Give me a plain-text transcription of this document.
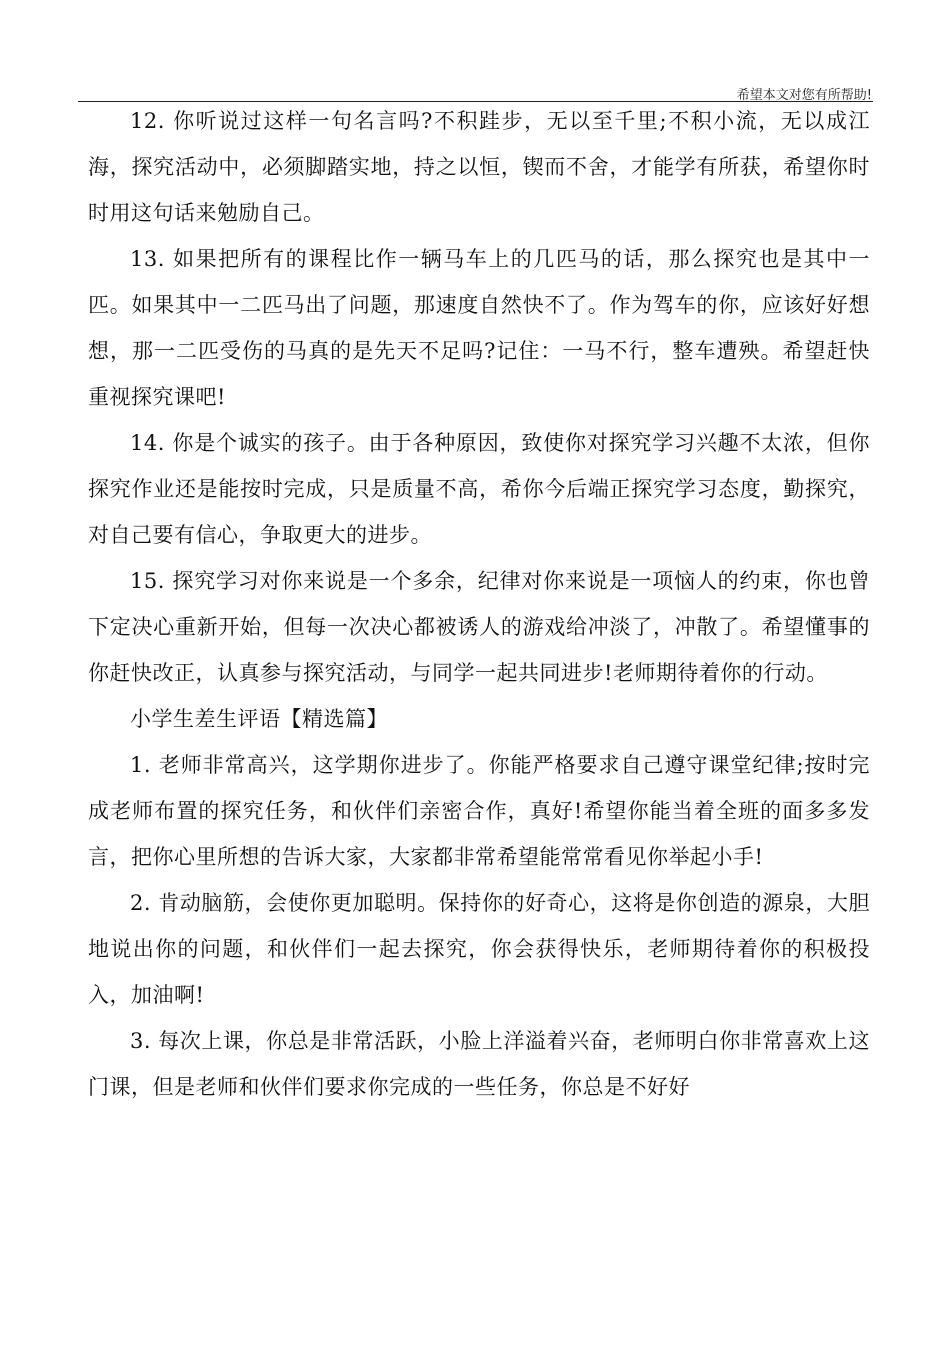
希望本文对您有所帮助!

12. 你听说过这样一句名言吗?不积跬步，无以至千里;不积小流，无以成江海，探究活动中，必须脚踏实地，持之以恒，锲而不舍，才能学有所获，希望你时时用这句话来勉励自己。

13. 如果把所有的课程比作一辆马车上的几匹马的话，那么探究也是其中一匹。如果其中一二匹马出了问题，那速度自然快不了。作为驾车的你，应该好好想想，那一二匹受伤的马真的是先天不足吗?记住：一马不行，整车遭殃。希望赶快重视探究课吧!

14. 你是个诚实的孩子。由于各种原因，致使你对探究学习兴趣不太浓，但你探究作业还是能按时完成，只是质量不高，希你今后端正探究学习态度，勤探究，对自己要有信心，争取更大的进步。

15. 探究学习对你来说是一个多余，纪律对你来说是一项恼人的约束，你也曾下定决心重新开始，但每一次决心都被诱人的游戏给冲淡了，冲散了。希望懂事的你赶快改正，认真参与探究活动，与同学一起共同进步!老师期待着你的行动。

小学生差生评语【精选篇】

1. 老师非常高兴，这学期你进步了。你能严格要求自己遵守课堂纪律;按时完成老师布置的探究任务，和伙伴们亲密合作，真好!希望你能当着全班的面多多发言，把你心里所想的告诉大家，大家都非常希望能常常看见你举起小手!

2. 肯动脑筋，会使你更加聪明。保持你的好奇心，这将是你创造的源泉，大胆地说出你的问题，和伙伴们一起去探究，你会获得快乐，老师期待着你的积极投入，加油啊!

3. 每次上课，你总是非常活跃，小脸上洋溢着兴奋，老师明白你非常喜欢上这门课，但是老师和伙伴们要求你完成的一些任务，你总是不好好
